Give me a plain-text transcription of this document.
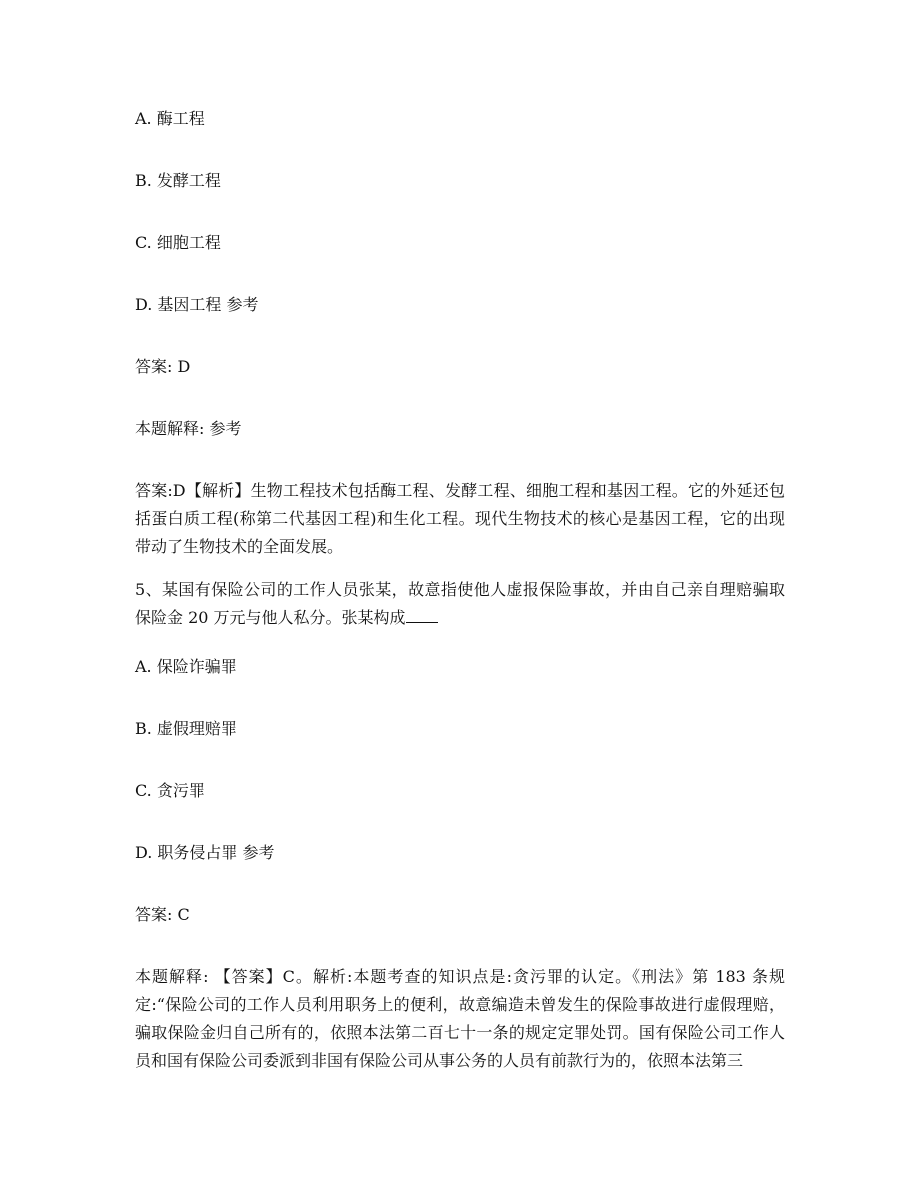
A. 酶工程
B. 发酵工程
C. 细胞工程
D. 基因工程 参考
答案: D
本题解释: 参考
答案:D【解析】生物工程技术包括酶工程、发酵工程、细胞工程和基因工程。它的外延还包括蛋白质工程(称第二代基因工程)和生化工程。现代生物技术的核心是基因工程，它的出现带动了生物技术的全面发展。
5、某国有保险公司的工作人员张某，故意指使他人虚报保险事故，并由自己亲自理赔骗取保险金 20 万元与他人私分。张某构成
A. 保险诈骗罪
B. 虚假理赔罪
C. 贪污罪
D. 职务侵占罪 参考
答案: C
本题解释: 【答案】C。解析:本题考查的知识点是:贪污罪的认定。《刑法》第 183 条规定:“保险公司的工作人员利用职务上的便利，故意编造未曾发生的保险事故进行虚假理赔，骗取保险金归自己所有的，依照本法第二百七十一条的规定定罪处罚。国有保险公司工作人员和国有保险公司委派到非国有保险公司从事公务的人员有前款行为的，依照本法第三
